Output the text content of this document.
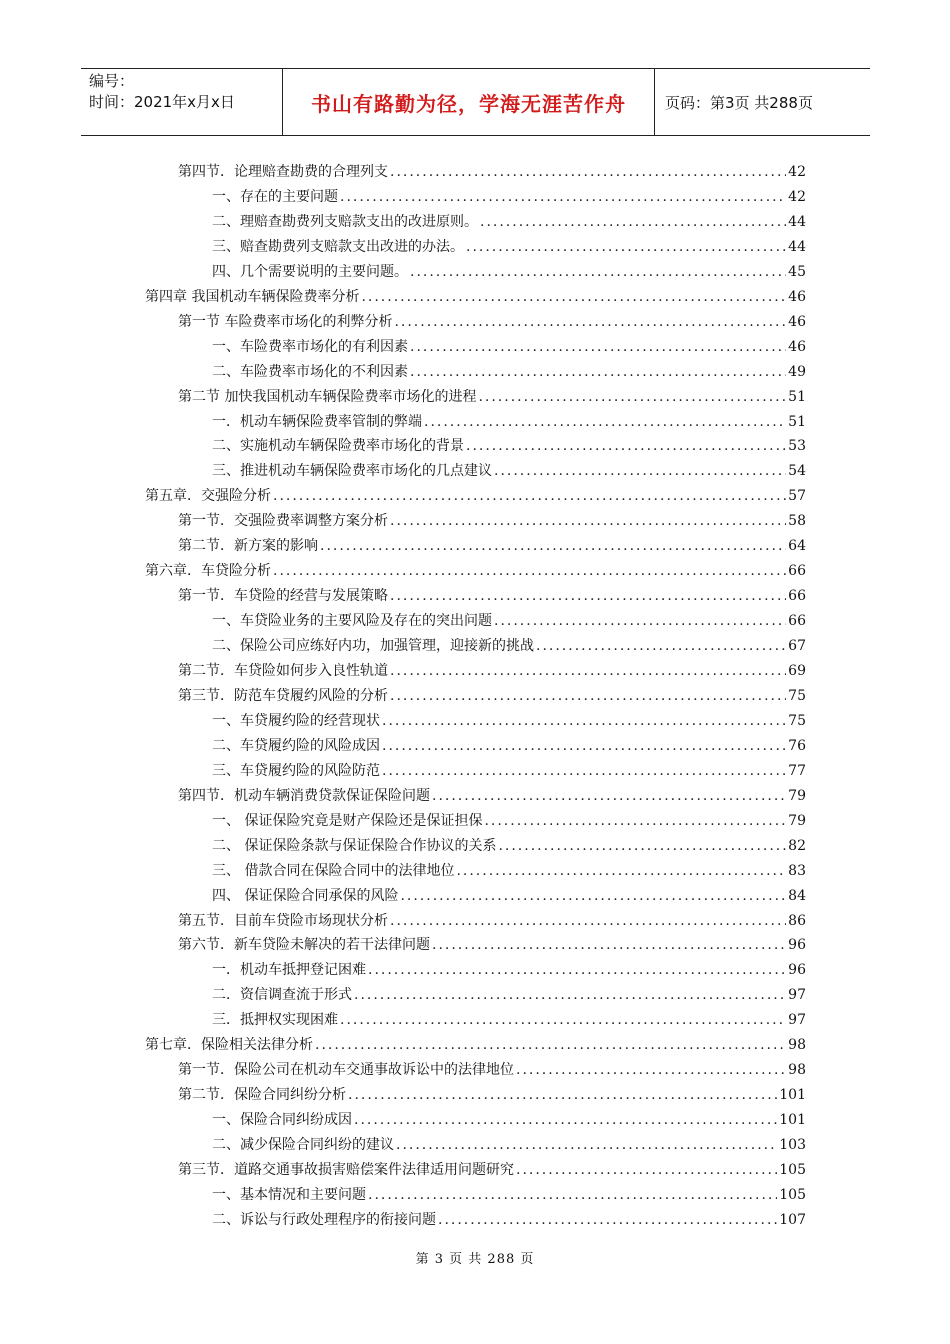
编号：
时间：2021年x月x日	书山有路勤为径，学海无涯苦作舟	页码：第3页 共288页
第四节．论理赔查勘费的合理列支 .....	42
一、存在的主要问题 .....	42
二、理赔查勘费列支赔款支出的改进原则。 .....	44
三、赔查勘费列支赔款支出改进的办法。 .....	44
四、几个需要说明的主要问题。 .....	45
第四章 我国机动车辆保险费率分析 .....	46
第一节 车险费率市场化的利弊分析 .....	46
一、车险费率市场化的有利因素 .....	46
二、车险费率市场化的不利因素 .....	49
第二节 加快我国机动车辆保险费率市场化的进程 .....	51
一．机动车辆保险费率管制的弊端 .....	51
二、实施机动车辆保险费率市场化的背景 .....	53
三、推进机动车辆保险费率市场化的几点建议 .....	54
第五章．交强险分析 .....	57
第一节．交强险费率调整方案分析 .....	58
第二节．新方案的影响 .....	64
第六章．车贷险分析 .....	66
第一节．车贷险的经营与发展策略 .....	66
一、车贷险业务的主要风险及存在的突出问题 .....	66
二、保险公司应练好内功，加强管理，迎接新的挑战 .....	67
第二节．车贷险如何步入良性轨道 .....	69
第三节．防范车贷履约风险的分析 .....	75
一、车贷履约险的经营现状 .....	75
二、车贷履约险的风险成因 .....	76
三、车贷履约险的风险防范 .....	77
第四节．机动车辆消费贷款保证保险问题 .....	79
一、 保证保险究竟是财产保险还是保证担保 .....	79
二、 保证保险条款与保证保险合作协议的关系 .....	82
三、 借款合同在保险合同中的法律地位 .....	83
四、 保证保险合同承保的风险 .....	84
第五节．目前车贷险市场现状分析 .....	86
第六节．新车贷险未解决的若干法律问题 .....	96
一．机动车抵押登记困难 .....	96
二．资信调查流于形式 .....	97
三．抵押权实现困难 .....	97
第七章．保险相关法律分析 .....	98
第一节．保险公司在机动车交通事故诉讼中的法律地位 .....	98
第二节．保险合同纠纷分析 .....	101
一、保险合同纠纷成因 .....	101
二、减少保险合同纠纷的建议 .....	103
第三节．道路交通事故损害赔偿案件法律适用问题研究 .....	105
一、基本情况和主要问题 .....	105
二、诉讼与行政处理程序的衔接问题 .....	107
第 3 页 共 288 页
